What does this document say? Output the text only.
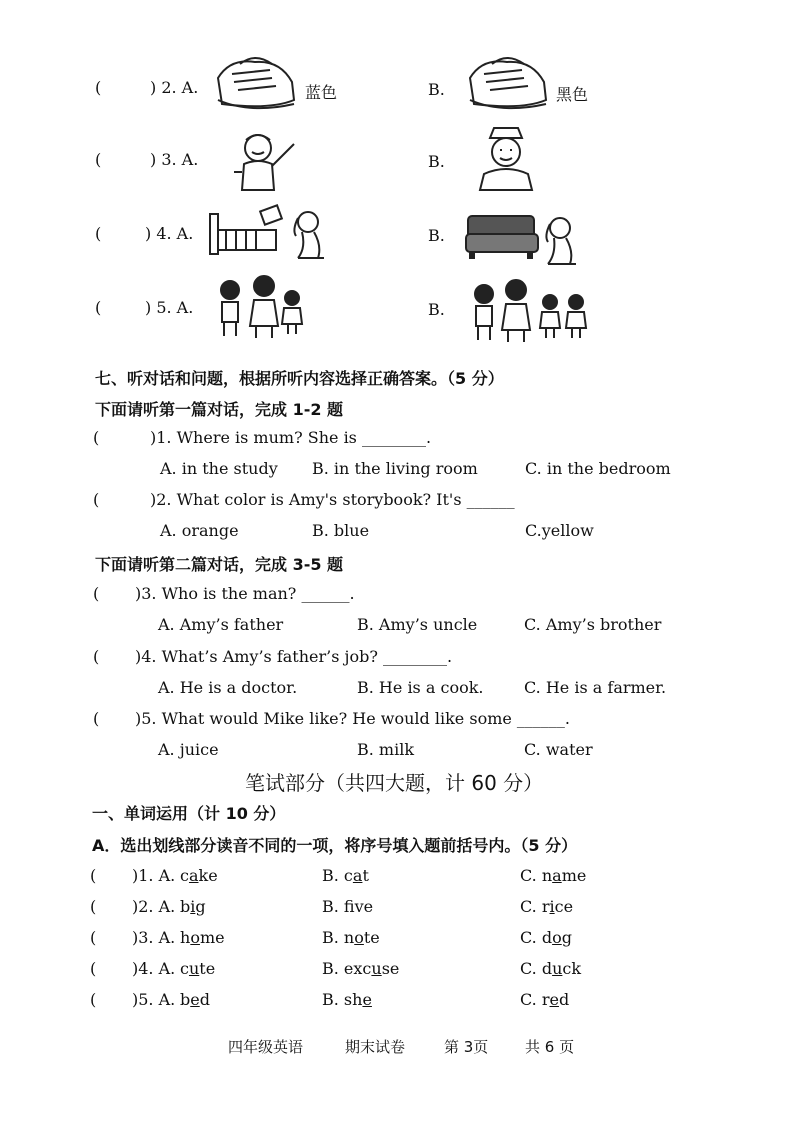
(	) 2. A.	蓝色	B.	黑色
(	) 3. A.	B.
(	) 4. A.	B.
(	) 5. A.	B.
七、听对话和问题，根据所听内容选择正确答案。（5 分）
下面请听第一篇对话，完成 1-2 题
(	)1. Where is mum? She is ________.
A. in the study B. in the living room	C. in the bedroom
(	)2. What color is Amy's storybook? It's ______
A. orange	B. blue	C.yellow
下面请听第二篇对话，完成 3-5 题
( )3. Who is the man? ______.
A. Amy’s father	B. Amy’s uncle	C. Amy’s brother
( )4. What’s Amy’s father’s job? ________.
A. He is a doctor.	B. He is a cook.	C. He is a farmer.
( )5. What would Mike like? He would like some ______.
A. juice	B. milk	C. water
笔试部分（共四大题，计 60 分）
一、单词运用（计 10 分）
A．选出划线部分读音不同的一项，将序号填入题前括号内。（5 分）
( )1. A. cake	B. cat	C. name
( )2. A. big	B. fve	C. rice
( )3. A. home	B. note	C. dog
( )4. A. cute	B. excuse	C. duck
( )5. A. bed	B. she	C. red
四年级英语	期末试卷	第 3页 共 6 页
